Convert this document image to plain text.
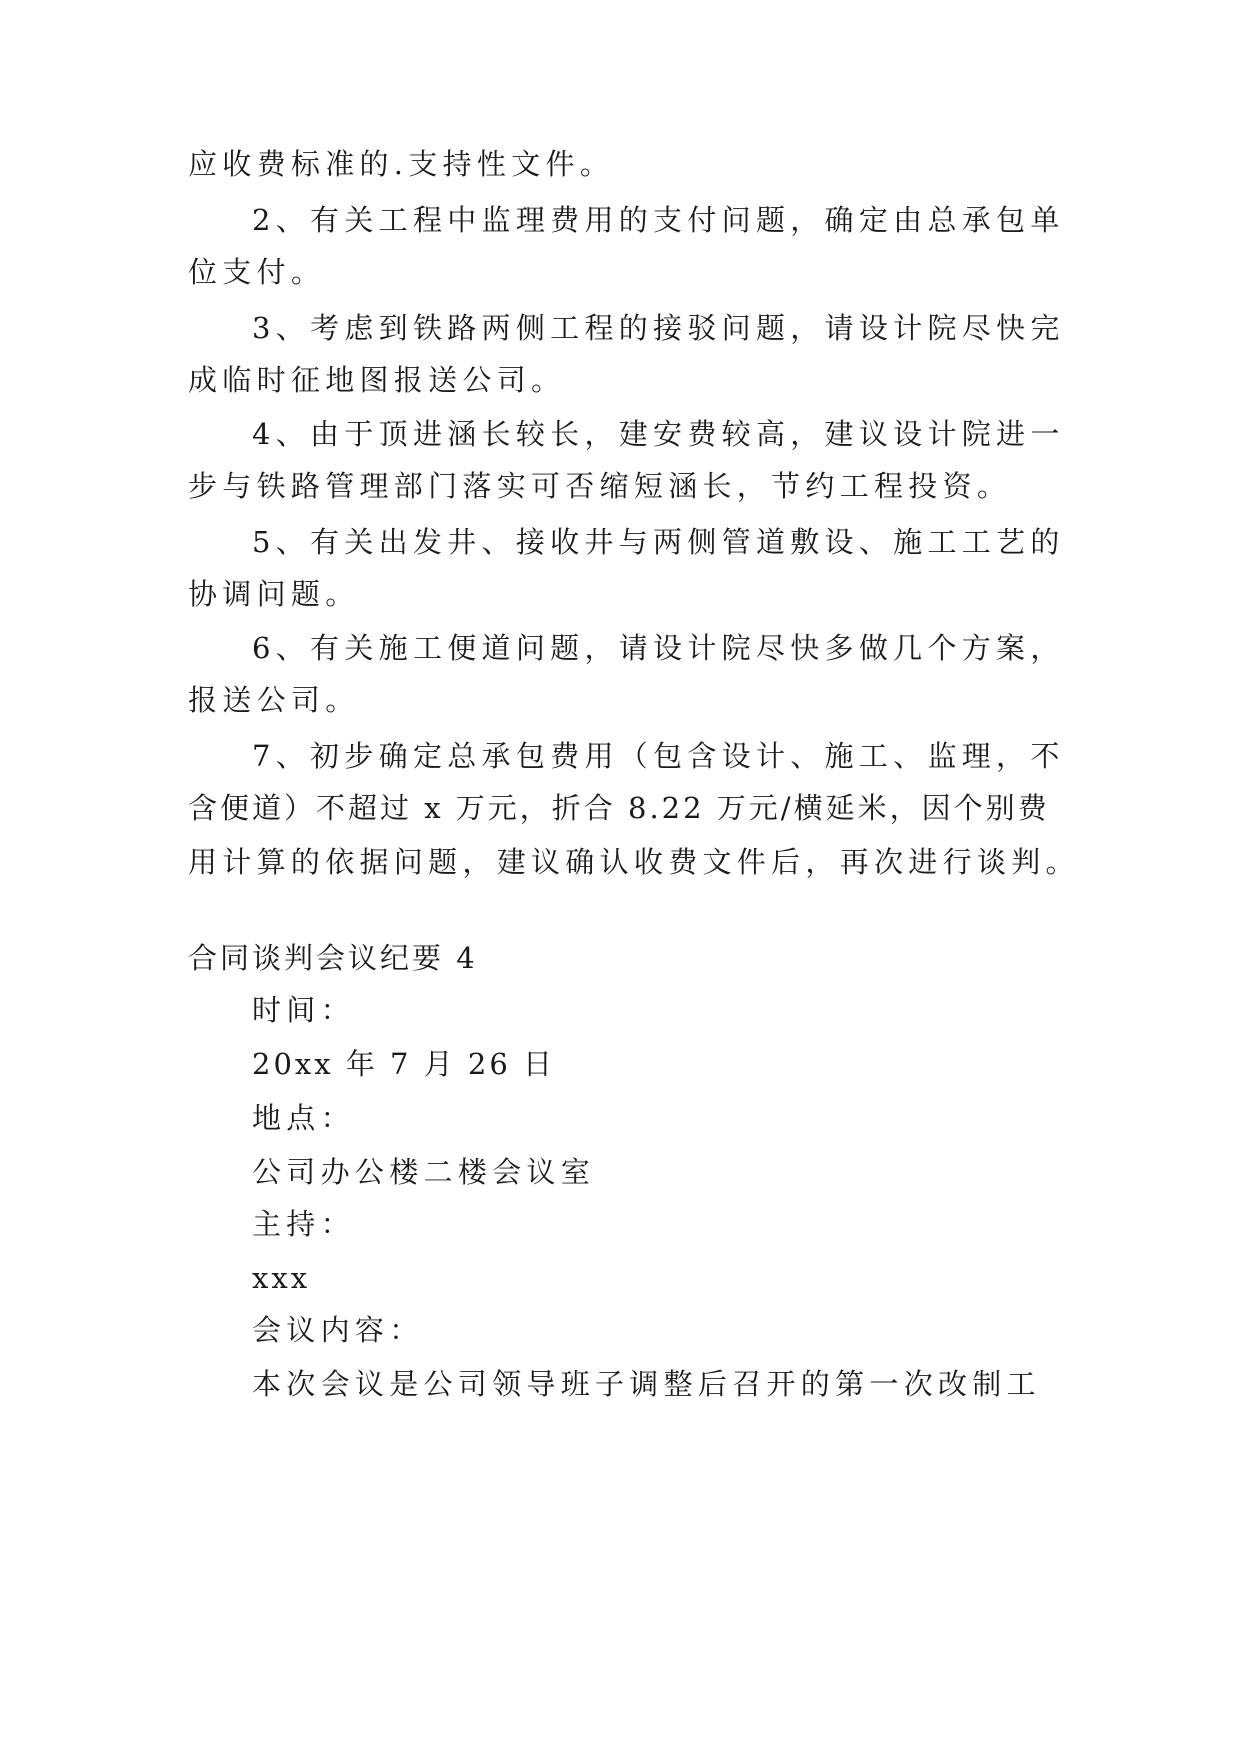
应收费标准的.支持性文件。
2、有关工程中监理费用的支付问题，确定由总承包单
位支付。
3、考虑到铁路两侧工程的接驳问题，请设计院尽快完
成临时征地图报送公司。
4、由于顶进涵长较长，建安费较高，建议设计院进一
步与铁路管理部门落实可否缩短涵长，节约工程投资。
5、有关出发井、接收井与两侧管道敷设、施工工艺的
协调问题。
6、有关施工便道问题，请设计院尽快多做几个方案，
报送公司。
7、初步确定总承包费用（包含设计、施工、监理，不
含便道）不超过 x 万元，折合 8.22 万元/横延米，因个别费
用计算的依据问题，建议确认收费文件后，再次进行谈判。
合同谈判会议纪要 4
时间：
20xx 年 7 月 26 日
地点：
公司办公楼二楼会议室
主持：
xxx
会议内容：
本次会议是公司领导班子调整后召开的第一次改制工
